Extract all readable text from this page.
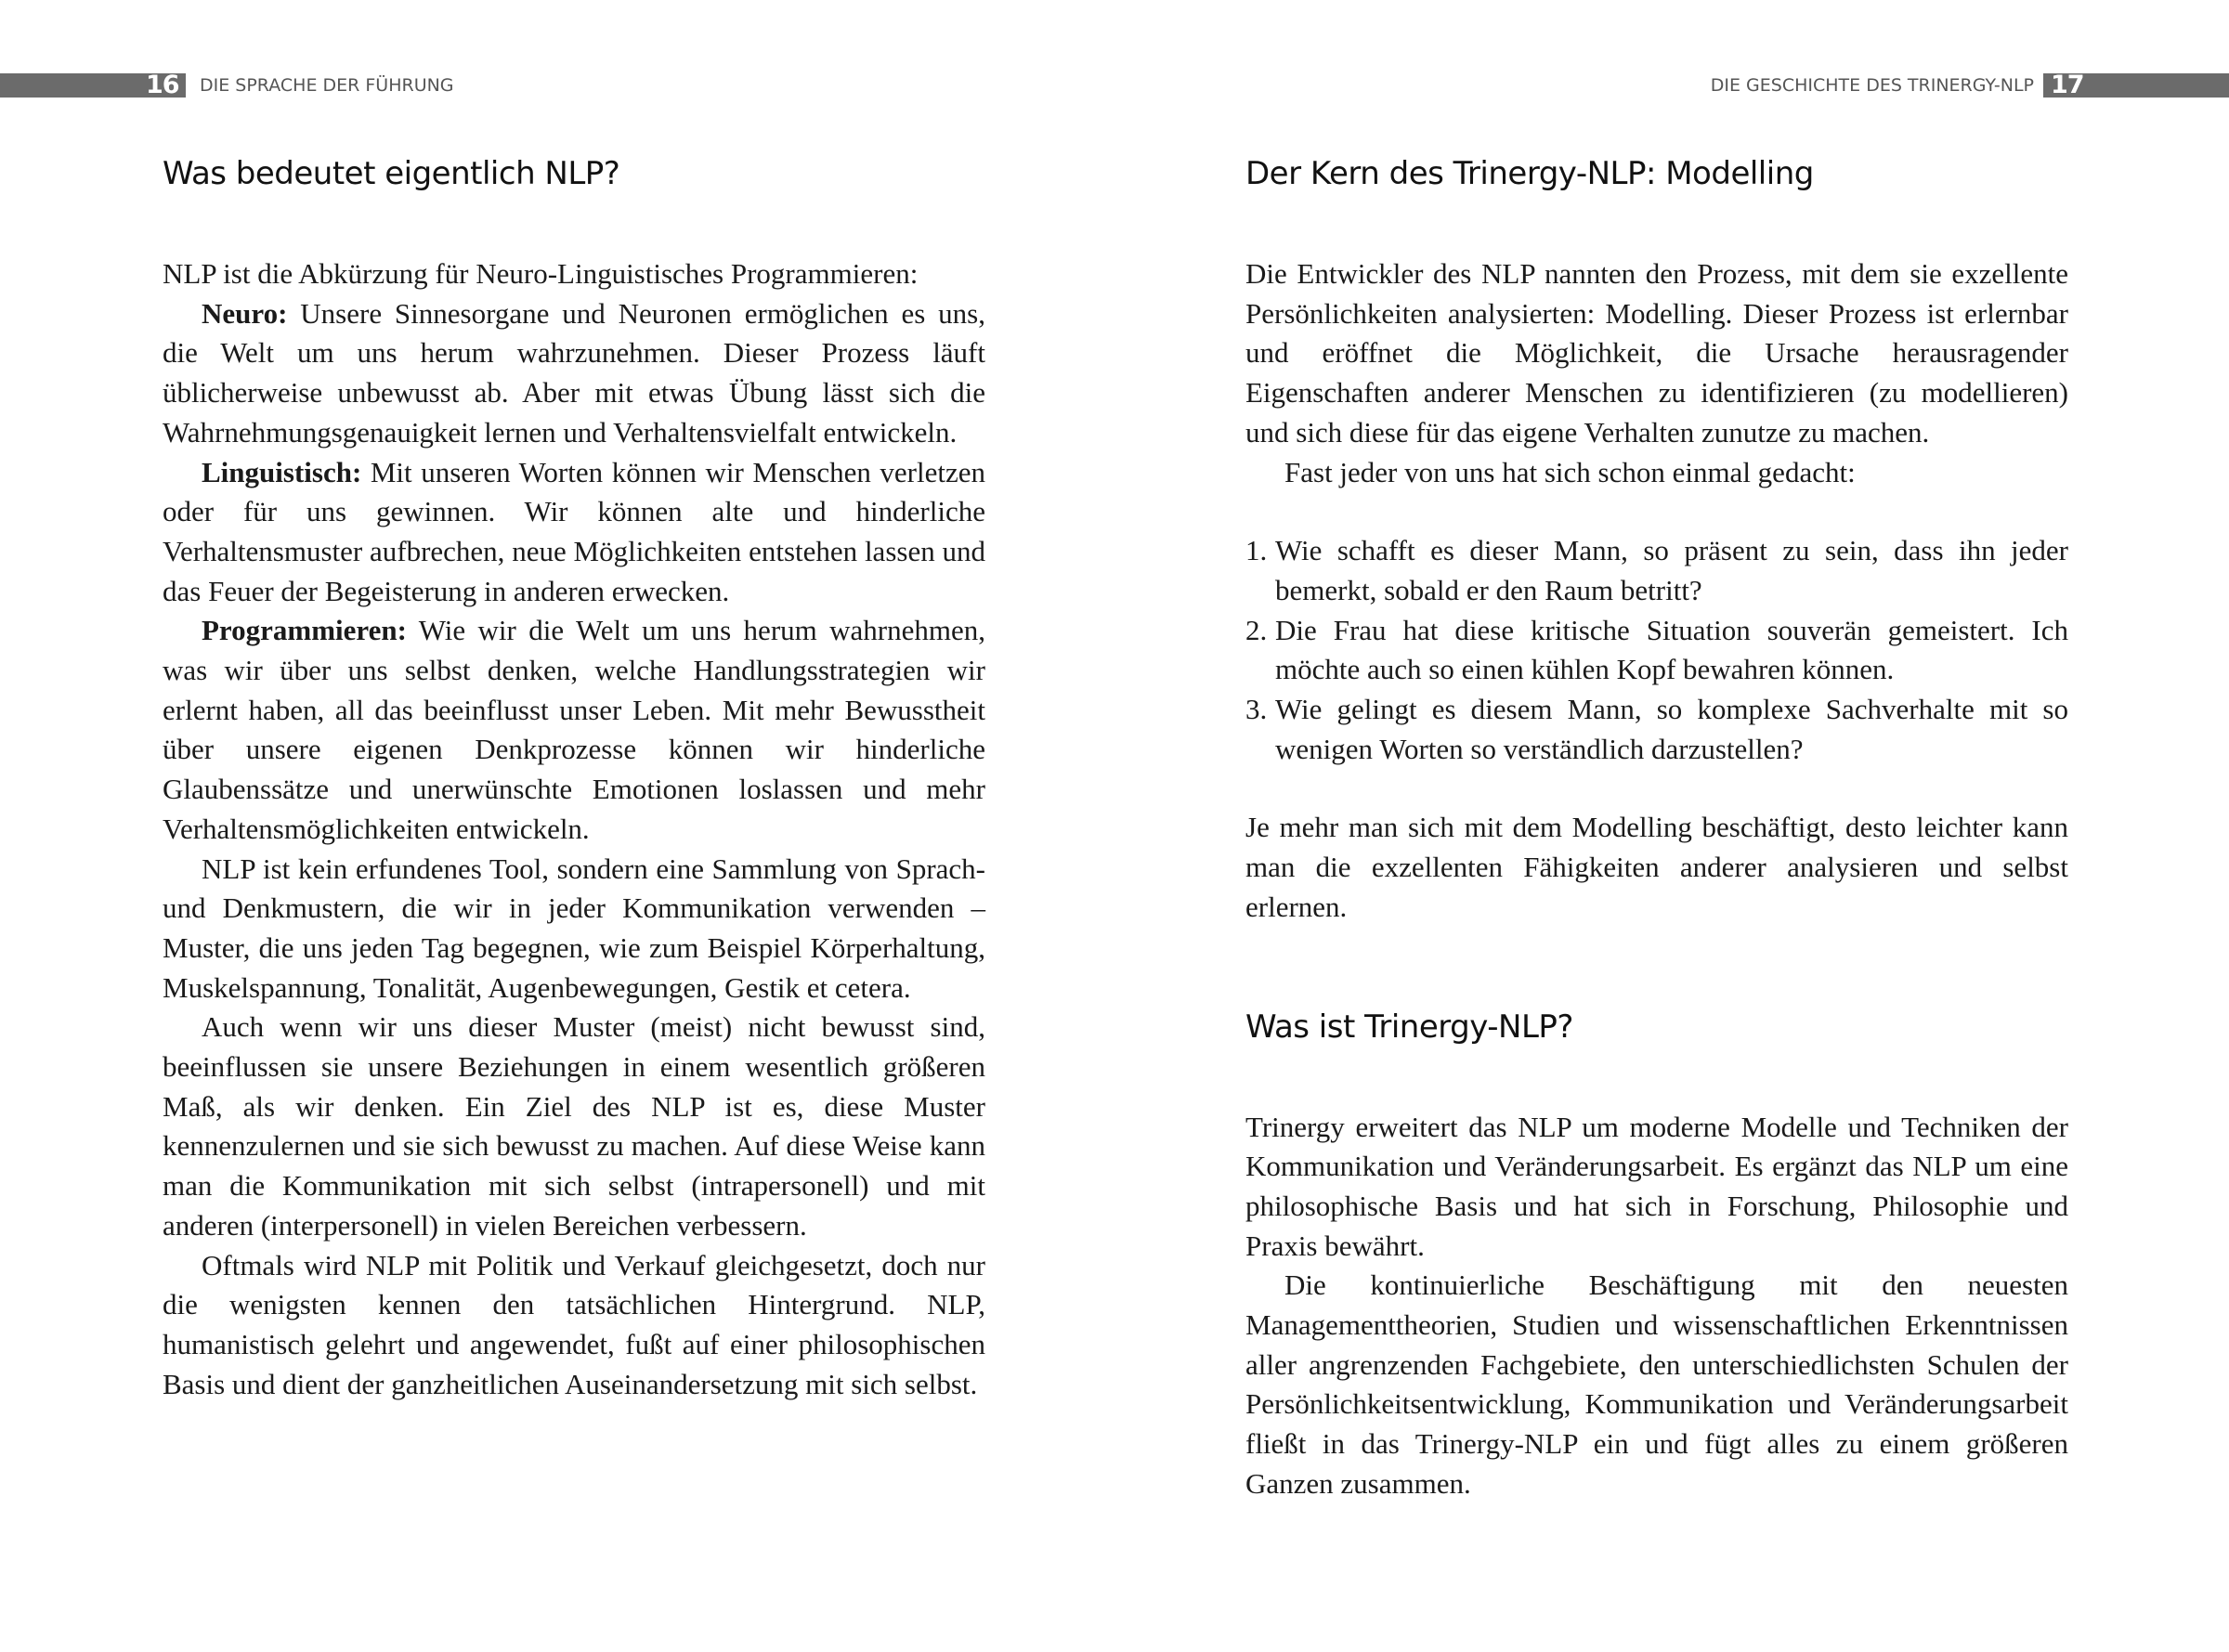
16 DIE SPRACHE DER FÜHRUNG	DIE GESCHICHTE DES TRINERGY-NLP 17
Was bedeutet eigentlich NLP?

NLP ist die Abkürzung für Neuro-Linguistisches Programmieren:

Neuro: Unsere Sinnesorgane und Neuronen ermöglichen es uns, die Welt um uns herum wahrzunehmen. Dieser Prozess läuft üblicherweise unbewusst ab. Aber mit etwas Übung lässt sich die Wahrnehmungsgenauigkeit lernen und Verhaltensvielfalt entwickeln.

Linguistisch: Mit unseren Worten können wir Menschen verletzen oder für uns gewinnen. Wir können alte und hinderliche Verhaltensmuster aufbrechen, neue Möglichkeiten entstehen lassen und das Feuer der Begeisterung in anderen erwecken.

Programmieren: Wie wir die Welt um uns herum wahrnehmen, was wir über uns selbst denken, welche Handlungsstrategien wir erlernt haben, all das beeinflusst unser Leben. Mit mehr Bewusstheit über unsere eigenen Denkprozesse können wir hinderliche Glaubenssätze und unerwünschte Emotionen loslassen und mehr Verhaltensmöglichkeiten entwickeln.

NLP ist kein erfundenes Tool, sondern eine Sammlung von Sprach- und Denkmustern, die wir in jeder Kommunikation verwenden – Muster, die uns jeden Tag begegnen, wie zum Beispiel Körperhaltung, Muskelspannung, Tonalität, Augenbewegungen, Gestik et cetera.

Auch wenn wir uns dieser Muster (meist) nicht bewusst sind, beeinflussen sie unsere Beziehungen in einem wesentlich größeren Maß, als wir denken. Ein Ziel des NLP ist es, diese Muster kennenzulernen und sie sich bewusst zu machen. Auf diese Weise kann man die Kommunikation mit sich selbst (intrapersonell) und mit anderen (interpersonell) in vielen Bereichen verbessern.

Oftmals wird NLP mit Politik und Verkauf gleichgesetzt, doch nur die wenigsten kennen den tatsächlichen Hintergrund. NLP, humanistisch gelehrt und angewendet, fußt auf einer philosophischen Basis und dient der ganzheitlichen Auseinandersetzung mit sich selbst.

Der Kern des Trinergy-NLP: Modelling

Die Entwickler des NLP nannten den Prozess, mit dem sie exzellente Persönlichkeiten analysierten: Modelling. Dieser Prozess ist erlernbar und eröffnet die Möglichkeit, die Ursache herausragender Eigenschaften anderer Menschen zu identifizieren (zu modellieren) und sich diese für das eigene Verhalten zunutze zu machen.

Fast jeder von uns hat sich schon einmal gedacht:

1. Wie schafft es dieser Mann, so präsent zu sein, dass ihn jeder bemerkt, sobald er den Raum betritt?
2. Die Frau hat diese kritische Situation souverän gemeistert. Ich möchte auch so einen kühlen Kopf bewahren können.
3. Wie gelingt es diesem Mann, so komplexe Sachverhalte mit so wenigen Worten so verständlich darzustellen?

Je mehr man sich mit dem Modelling beschäftigt, desto leichter kann man die exzellenten Fähigkeiten anderer analysieren und selbst erlernen.

Was ist Trinergy-NLP?

Trinergy erweitert das NLP um moderne Modelle und Techniken der Kommunikation und Veränderungsarbeit. Es ergänzt das NLP um eine philosophische Basis und hat sich in Forschung, Philosophie und Praxis bewährt.

Die kontinuierliche Beschäftigung mit den neuesten Managementtheorien, Studien und wissenschaftlichen Erkenntnissen aller angrenzenden Fachgebiete, den unterschiedlichsten Schulen der Persönlichkeitsentwicklung, Kommunikation und Veränderungsarbeit fließt in das Trinergy-NLP ein und fügt alles zu einem größeren Ganzen zusammen.
